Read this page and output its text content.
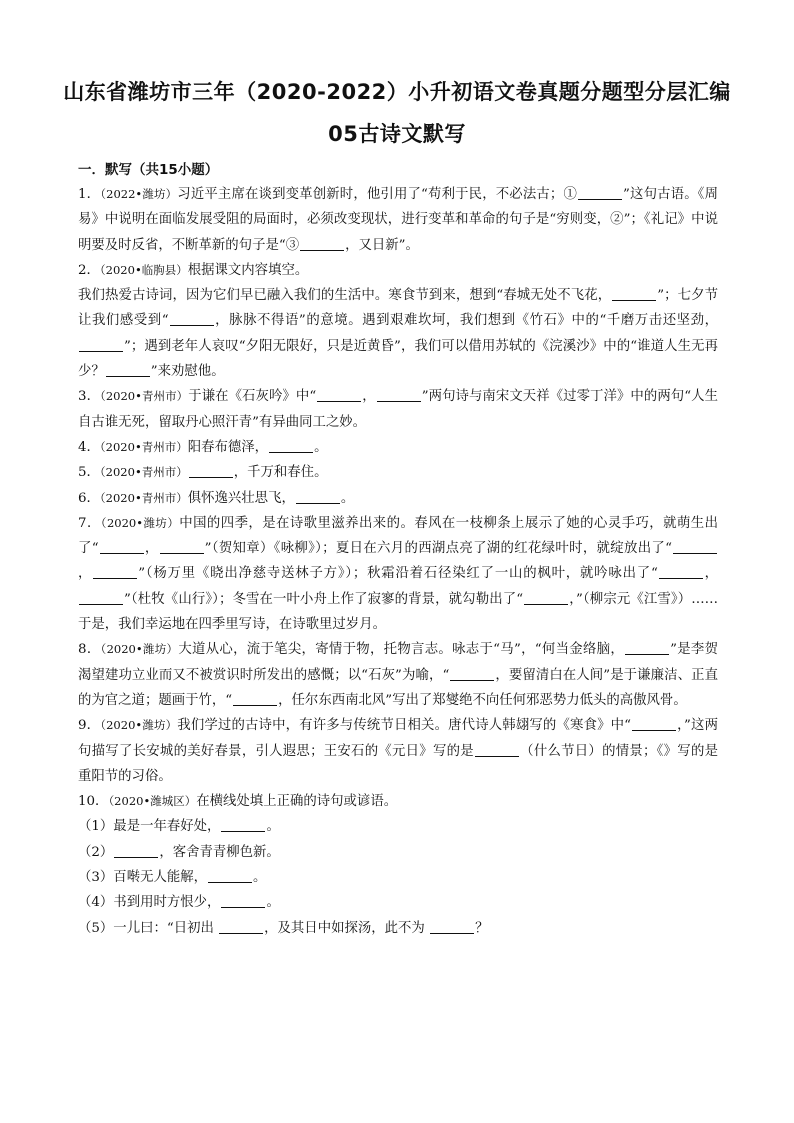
山东省潍坊市三年（2020-2022）小升初语文卷真题分题型分层汇编
05古诗文默写
一．默写（共15小题）

1．（2022•潍坊）习近平主席在谈到变革创新时，他引用了“苟利于民，不必法古；①	”这句古语。《周易》中说明在面临发展受阻的局面时，必须改变现状，进行变革和革命的句子是“穷则变，②”；《礼记》中说明要及时反省，不断革新的句子是“③	，又日新”。

2．（2020•临朐县）根据课文内容填空。

我们热爱古诗词，因为它们早已融入我们的生活中。寒食节到来，想到“春城无处不飞花，	”；七夕节让我们感受到“	，脉脉不得语”的意境。遇到艰难坎坷，我们想到《竹石》中的“千磨万击还坚劲，”；遇到老年人哀叹“夕阳无限好，只是近黄昏”，我们可以借用苏轼的《浣溪沙》中的“谁道人生无再少？	”来劝慰他。

3．（2020•青州市）于谦在《石灰吟》中“	，	”两句诗与南宋文天祥《过零丁洋》中的两句“人生自古谁无死，留取丹心照汗青”有异曲同工之妙。

4．（2020•青州市）阳春布德泽，	。

5．（2020•青州市）	，千万和春住。

6．（2020•青州市）俱怀逸兴壮思飞，	。

7．（2020•潍坊）中国的四季，是在诗歌里滋养出来的。春风在一枝柳条上展示了她的心灵手巧，就萌生出了“	，	”（贺知章）《咏柳》）；夏日在六月的西湖点亮了湖的红花绿叶时，就绽放出了“，	”（杨万里《晓出净慈寺送林子方》）；秋霜沿着石径染红了一山的枫叶，就吟咏出了“	，”（杜牧《山行》）；冬雪在一叶小舟上作了寂寥的背景，就勾勒出了“	，”（柳宗元《江雪》）……于是，我们幸运地在四季里写诗，在诗歌里过岁月。

8．（2020•潍坊）大道从心，流于笔尖，寄情于物，托物言志。咏志于“马”，“何当金络脑，	”是李贺渴望建功立业而又不被赏识时所发出的感慨；以“石灰”为喻，“	，要留清白在人间”是于谦廉洁、正直的为官之道；题画于竹，“	，任尔东西南北风”写出了郑燮绝不向任何邪恶势力低头的高傲风骨。

9．（2020•潍坊）我们学过的古诗中，有许多与传统节日相关。唐代诗人韩翃写的《寒食》中“	，”这两句描写了长安城的美好春景，引人遐思；王安石的《元日》写的是	（什么节日）的情景；《》写的是重阳节的习俗。

10．（2020•潍城区）在横线处填上正确的诗句或谚语。

（1）最是一年春好处，	。

（2）	，客舍青青柳色新。

（3）百啭无人能解，	。

（4）书到用时方恨少，	。

（5）一儿曰：“日初出	，及其日中如探汤，此不为	？
